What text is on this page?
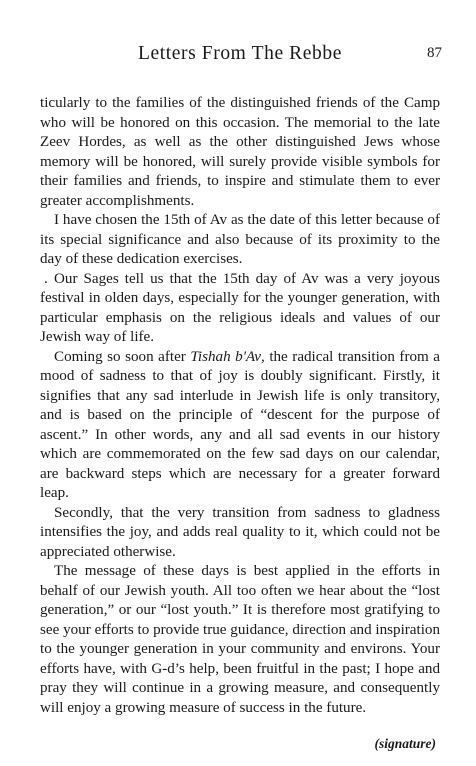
Letters From The Rebbe	87

ticularly to the families of the distinguished friends of the Camp who will be honored on this occasion. The memorial to the late Zeev Hordes, as well as the other distinguished Jews whose memory will be honored, will surely provide visible symbols for their families and friends, to inspire and stimulate them to ever greater accomplishments.

I have chosen the 15th of Av as the date of this letter because of its special significance and also because of its proximity to the day of these dedication exercises.

. Our Sages tell us that the 15th day of Av was a very joyous festival in olden days, especially for the younger generation, with particular emphasis on the religious ideals and values of our Jewish way of life.

Coming so soon after Tishah b'Av, the radical transition from a mood of sadness to that of joy is doubly significant. Firstly, it signifies that any sad interlude in Jewish life is only transitory, and is based on the principle of “descent for the purpose of ascent.” In other words, any and all sad events in our history which are commemorated on the few sad days on our calendar, are backward steps which are necessary for a greater forward leap.

Secondly, that the very transition from sadness to gladness intensifies the joy, and adds real quality to it, which could not be appreciated otherwise.

The message of these days is best applied in the efforts in behalf of our Jewish youth. All too often we hear about the “lost generation,” or our “lost youth.” It is therefore most gratifying to see your efforts to provide true guidance, direction and inspiration to the younger generation in your community and environs. Your efforts have, with G-d’s help, been fruitful in the past; I hope and pray they will continue in a growing measure, and consequently will enjoy a growing measure of success in the future.

(signature)
